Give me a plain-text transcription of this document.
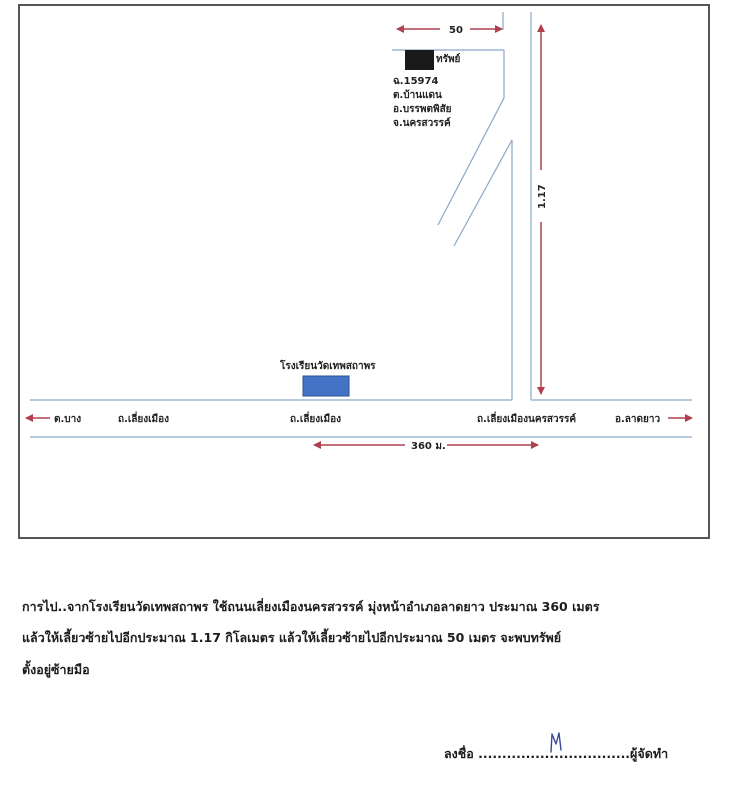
50
1.17
360 ม.
ทรัพย์
ฉ.15974
ต.บ้านแดน
อ.บรรพตพิสัย
จ.นครสวรรค์
โรงเรียนวัดเทพสถาพร
ต.บาง	ถ.เลี่ยงเมือง	ถ.เลี่ยงเมือง	ถ.เลี่ยงเมืองนครสวรรค์	อ.ลาดยาว
การไป..จากโรงเรียนวัดเทพสถาพร ใช้ถนนเลี่ยงเมืองนครสวรรค์ มุ่งหน้าอำเภอลาดยาว ประมาณ 360 เมตร
แล้วให้เลี้ยวซ้ายไปอีกประมาณ 1.17 กิโลเมตร แล้วให้เลี้ยวซ้ายไปอีกประมาณ 50 เมตร จะพบทรัพย์
ตั้งอยู่ซ้ายมือ
ลงชื่อ ................................ผู้จัดทำ
